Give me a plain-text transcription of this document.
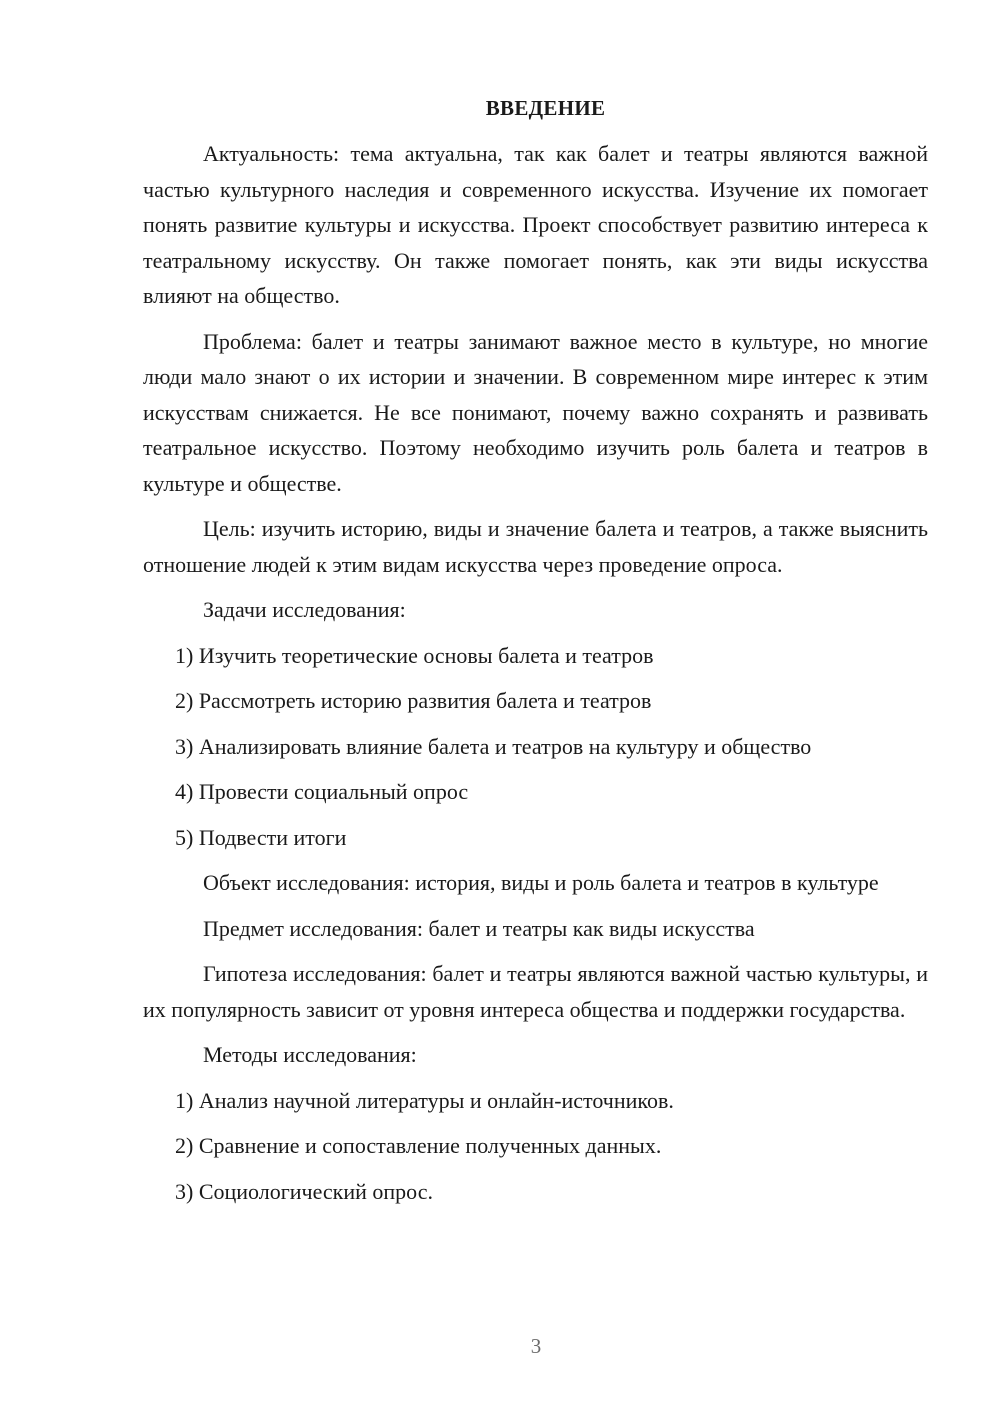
ВВЕДЕНИЕ

Актуальность: тема актуальна, так как балет и театры являются важной частью культурного наследия и современного искусства. Изучение их помогает понять развитие культуры и искусства. Проект способствует развитию интереса к театральному искусству. Он также помогает понять, как эти виды искусства влияют на общество.

Проблема: балет и театры занимают важное место в культуре, но многие люди мало знают о их истории и значении. В современном мире интерес к этим искусствам снижается. Не все понимают, почему важно сохранять и развивать театральное искусство. Поэтому необходимо изучить роль балета и театров в культуре и обществе.

Цель: изучить историю, виды и значение балета и театров, а также выяснить отношение людей к этим видам искусства через проведение опроса.

Задачи исследования:

1) Изучить теоретические основы балета и театров

2) Рассмотреть историю развития балета и театров

3) Анализировать влияние балета и театров на культуру и общество

4) Провести социальный опрос

5) Подвести итоги

Объект исследования: история, виды и роль балета и театров в культуре

Предмет исследования: балет и театры как виды искусства

Гипотеза исследования: балет и театры являются важной частью культуры, и их популярность зависит от уровня интереса общества и поддержки государства.

Методы исследования:

1) Анализ научной литературы и онлайн-источников.

2) Сравнение и сопоставление полученных данных.

3) Социологический опрос.

3
